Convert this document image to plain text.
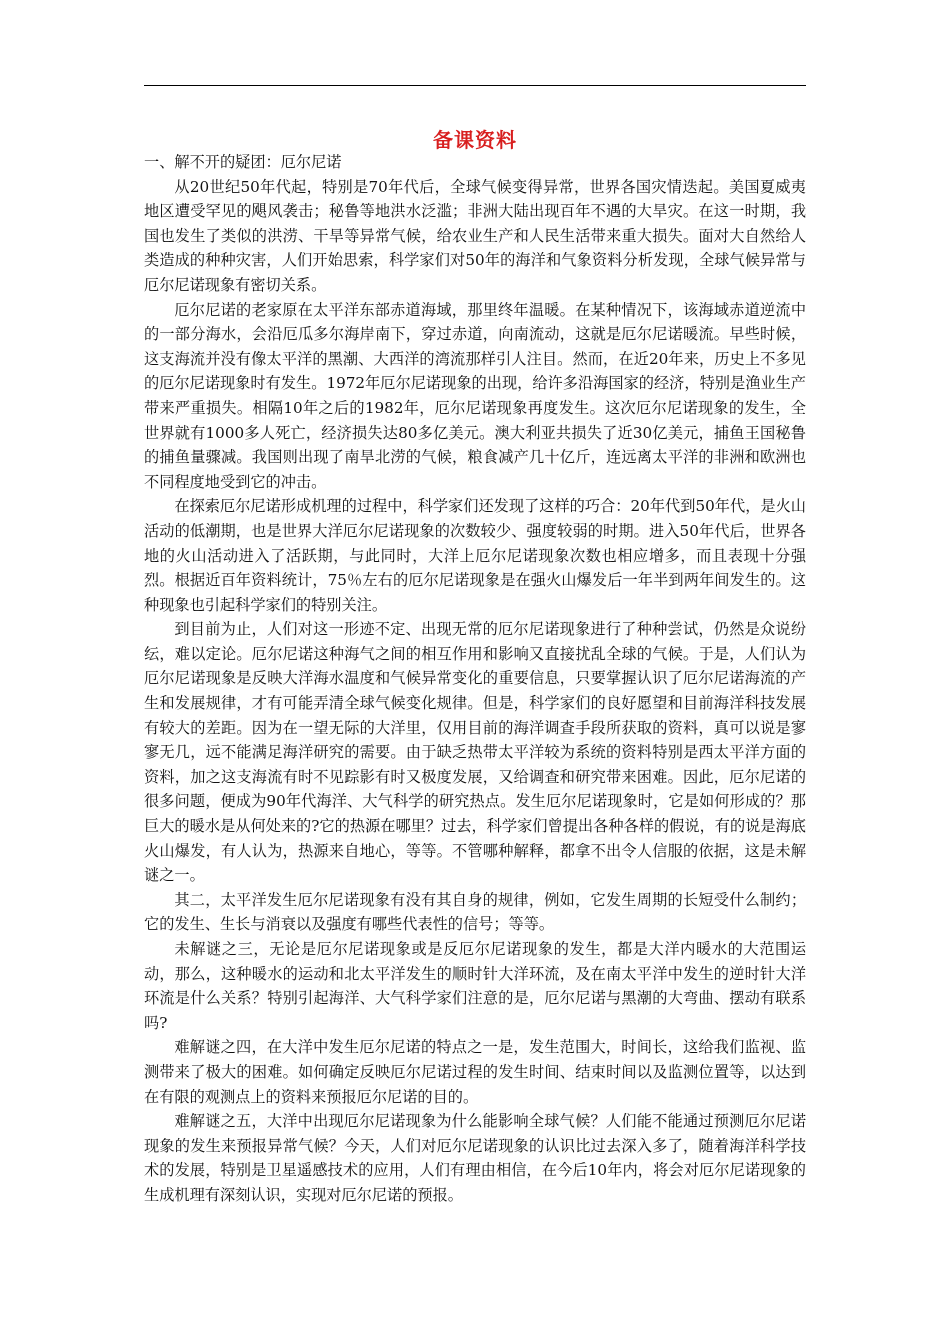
备课资料

一、解不开的疑团：厄尔尼诺

从20世纪50年代起，特别是70年代后，全球气候变得异常，世界各国灾情迭起。美国夏威夷地区遭受罕见的飓风袭击；秘鲁等地洪水泛滥；非洲大陆出现百年不遇的大旱灾。在这一时期，我国也发生了类似的洪涝、干旱等异常气候，给农业生产和人民生活带来重大损失。面对大自然给人类造成的种种灾害，人们开始思索，科学家们对50年的海洋和气象资料分析发现，全球气候异常与厄尔尼诺现象有密切关系。

厄尔尼诺的老家原在太平洋东部赤道海域，那里终年温暖。在某种情况下，该海域赤道逆流中的一部分海水，会沿厄瓜多尔海岸南下，穿过赤道，向南流动，这就是厄尔尼诺暖流。早些时候，这支海流并没有像太平洋的黑潮、大西洋的湾流那样引人注目。然而，在近20年来，历史上不多见的厄尔尼诺现象时有发生。1972年厄尔尼诺现象的出现，给许多沿海国家的经济，特别是渔业生产带来严重损失。相隔10年之后的1982年，厄尔尼诺现象再度发生。这次厄尔尼诺现象的发生，全世界就有1000多人死亡，经济损失达80多亿美元。澳大利亚共损失了近30亿美元，捕鱼王国秘鲁的捕鱼量骤减。我国则出现了南旱北涝的气候，粮食减产几十亿斤，连远离太平洋的非洲和欧洲也不同程度地受到它的冲击。

在探索厄尔尼诺形成机理的过程中，科学家们还发现了这样的巧合：20年代到50年代，是火山活动的低潮期，也是世界大洋厄尔尼诺现象的次数较少、强度较弱的时期。进入50年代后，世界各地的火山活动进入了活跃期，与此同时，大洋上厄尔尼诺现象次数也相应增多，而且表现十分强烈。根据近百年资料统计，75％左右的厄尔尼诺现象是在强火山爆发后一年半到两年间发生的。这种现象也引起科学家们的特别关注。

到目前为止，人们对这一形迹不定、出现无常的厄尔尼诺现象进行了种种尝试，仍然是众说纷纭，难以定论。厄尔尼诺这种海气之间的相互作用和影响又直接扰乱全球的气候。于是，人们认为厄尔尼诺现象是反映大洋海水温度和气候异常变化的重要信息，只要掌握认识了厄尔尼诺海流的产生和发展规律，才有可能弄清全球气候变化规律。但是，科学家们的良好愿望和目前海洋科技发展有较大的差距。因为在一望无际的大洋里，仅用目前的海洋调查手段所获取的资料，真可以说是寥寥无几，远不能满足海洋研究的需要。由于缺乏热带太平洋较为系统的资料特别是西太平洋方面的资料，加之这支海流有时不见踪影有时又极度发展，又给调查和研究带来困难。因此，厄尔尼诺的很多问题，便成为90年代海洋、大气科学的研究热点。发生厄尔尼诺现象时，它是如何形成的？那巨大的暖水是从何处来的?它的热源在哪里？过去，科学家们曾提出各种各样的假说，有的说是海底火山爆发，有人认为，热源来自地心，等等。不管哪种解释，都拿不出令人信服的依据，这是未解谜之一。

其二，太平洋发生厄尔尼诺现象有没有其自身的规律，例如，它发生周期的长短受什么制约；它的发生、生长与消衰以及强度有哪些代表性的信号；等等。

未解谜之三，无论是厄尔尼诺现象或是反厄尔尼诺现象的发生，都是大洋内暖水的大范围运动，那么，这种暖水的运动和北太平洋发生的顺时针大洋环流，及在南太平洋中发生的逆时针大洋环流是什么关系？特别引起海洋、大气科学家们注意的是，厄尔尼诺与黑潮的大弯曲、摆动有联系吗?

难解谜之四，在大洋中发生厄尔尼诺的特点之一是，发生范围大，时间长，这给我们监视、监测带来了极大的困难。如何确定反映厄尔尼诺过程的发生时间、结束时间以及监测位置等，以达到在有限的观测点上的资料来预报厄尔尼诺的目的。

难解谜之五，大洋中出现厄尔尼诺现象为什么能影响全球气候？人们能不能通过预测厄尔尼诺现象的发生来预报异常气候？今天，人们对厄尔尼诺现象的认识比过去深入多了，随着海洋科学技术的发展，特别是卫星遥感技术的应用，人们有理由相信，在今后10年内，将会对厄尔尼诺现象的生成机理有深刻认识，实现对厄尔尼诺的预报。
